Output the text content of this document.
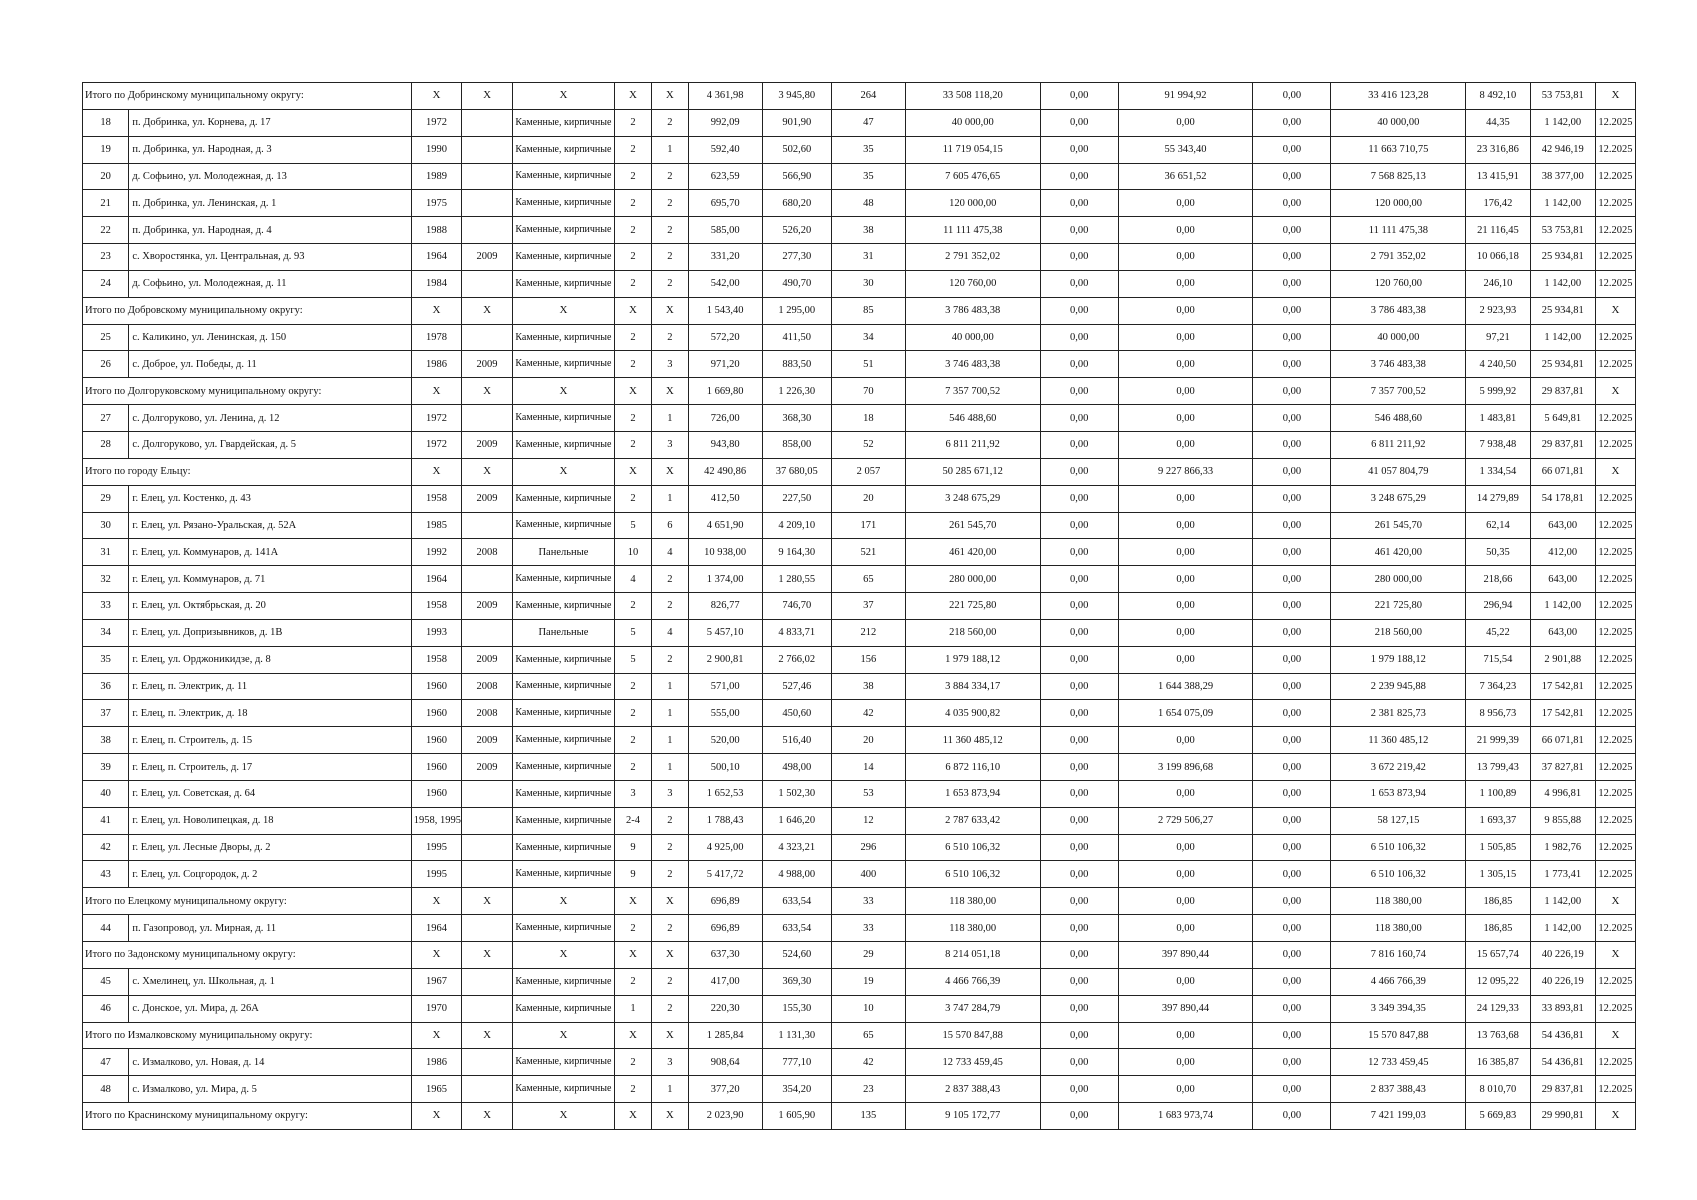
Итого по Добринскому муниципальному округу:		Х	Х	Х	Х	Х	4 361,98	3 945,80	264	33 508 118,20	0,00	91 994,92	0,00	33 416 123,28	8 492,10	53 753,81	Х
18	п. Добринка, ул. Корнева, д. 17	1972		Каменные, кирпичные	2	2	992,09	901,90	47	40 000,00	0,00	0,00	0,00	40 000,00	44,35	1 142,00	12.2025
19	п. Добринка, ул. Народная, д. 3	1990		Каменные, кирпичные	2	1	592,40	502,60	35	11 719 054,15	0,00	55 343,40	0,00	11 663 710,75	23 316,86	42 946,19	12.2025
20	д. Софьино, ул. Молодежная, д. 13	1989		Каменные, кирпичные	2	2	623,59	566,90	35	7 605 476,65	0,00	36 651,52	0,00	7 568 825,13	13 415,91	38 377,00	12.2025
21	п. Добринка, ул. Ленинская, д. 1	1975		Каменные, кирпичные	2	2	695,70	680,20	48	120 000,00	0,00	0,00	0,00	120 000,00	176,42	1 142,00	12.2025
22	п. Добринка, ул. Народная, д. 4	1988		Каменные, кирпичные	2	2	585,00	526,20	38	11 111 475,38	0,00	0,00	0,00	11 111 475,38	21 116,45	53 753,81	12.2025
23	с. Хворостянка, ул. Центральная, д. 93	1964	2009	Каменные, кирпичные	2	2	331,20	277,30	31	2 791 352,02	0,00	0,00	0,00	2 791 352,02	10 066,18	25 934,81	12.2025
24	д. Софьино, ул. Молодежная, д. 11	1984		Каменные, кирпичные	2	2	542,00	490,70	30	120 760,00	0,00	0,00	0,00	120 760,00	246,10	1 142,00	12.2025
Итого по Добровскому муниципальному округу:		Х	Х	Х	Х	Х	1 543,40	1 295,00	85	3 786 483,38	0,00	0,00	0,00	3 786 483,38	2 923,93	25 934,81	Х
25	с. Каликино, ул. Ленинская, д. 150	1978		Каменные, кирпичные	2	2	572,20	411,50	34	40 000,00	0,00	0,00	0,00	40 000,00	97,21	1 142,00	12.2025
26	с. Доброе, ул. Победы, д. 11	1986	2009	Каменные, кирпичные	2	3	971,20	883,50	51	3 746 483,38	0,00	0,00	0,00	3 746 483,38	4 240,50	25 934,81	12.2025
Итого по Долгоруковскому муниципальному округу:		Х	Х	Х	Х	Х	1 669,80	1 226,30	70	7 357 700,52	0,00	0,00	0,00	7 357 700,52	5 999,92	29 837,81	Х
27	с. Долгоруково, ул. Ленина, д. 12	1972		Каменные, кирпичные	2	1	726,00	368,30	18	546 488,60	0,00	0,00	0,00	546 488,60	1 483,81	5 649,81	12.2025
28	с. Долгоруково, ул. Гвардейская, д. 5	1972	2009	Каменные, кирпичные	2	3	943,80	858,00	52	6 811 211,92	0,00	0,00	0,00	6 811 211,92	7 938,48	29 837,81	12.2025
Итого по городу Ельцу:		Х	Х	Х	Х	Х	42 490,86	37 680,05	2 057	50 285 671,12	0,00	9 227 866,33	0,00	41 057 804,79	1 334,54	66 071,81	Х
29	г. Елец, ул. Костенко, д. 43	1958	2009	Каменные, кирпичные	2	1	412,50	227,50	20	3 248 675,29	0,00	0,00	0,00	3 248 675,29	14 279,89	54 178,81	12.2025
30	г. Елец, ул. Рязано-Уральская, д. 52А	1985		Каменные, кирпичные	5	6	4 651,90	4 209,10	171	261 545,70	0,00	0,00	0,00	261 545,70	62,14	643,00	12.2025
31	г. Елец, ул. Коммунаров, д. 141А	1992	2008	Панельные	10	4	10 938,00	9 164,30	521	461 420,00	0,00	0,00	0,00	461 420,00	50,35	412,00	12.2025
32	г. Елец, ул. Коммунаров, д. 71	1964		Каменные, кирпичные	4	2	1 374,00	1 280,55	65	280 000,00	0,00	0,00	0,00	280 000,00	218,66	643,00	12.2025
33	г. Елец, ул. Октябрьская, д. 20	1958	2009	Каменные, кирпичные	2	2	826,77	746,70	37	221 725,80	0,00	0,00	0,00	221 725,80	296,94	1 142,00	12.2025
34	г. Елец, ул. Допризывников, д. 1В	1993		Панельные	5	4	5 457,10	4 833,71	212	218 560,00	0,00	0,00	0,00	218 560,00	45,22	643,00	12.2025
35	г. Елец, ул. Орджоникидзе, д. 8	1958	2009	Каменные, кирпичные	5	2	2 900,81	2 766,02	156	1 979 188,12	0,00	0,00	0,00	1 979 188,12	715,54	2 901,88	12.2025
36	г. Елец, п. Электрик, д. 11	1960	2008	Каменные, кирпичные	2	1	571,00	527,46	38	3 884 334,17	0,00	1 644 388,29	0,00	2 239 945,88	7 364,23	17 542,81	12.2025
37	г. Елец, п. Электрик, д. 18	1960	2008	Каменные, кирпичные	2	1	555,00	450,60	42	4 035 900,82	0,00	1 654 075,09	0,00	2 381 825,73	8 956,73	17 542,81	12.2025
38	г. Елец, п. Строитель, д. 15	1960	2009	Каменные, кирпичные	2	1	520,00	516,40	20	11 360 485,12	0,00	0,00	0,00	11 360 485,12	21 999,39	66 071,81	12.2025
39	г. Елец, п. Строитель, д. 17	1960	2009	Каменные, кирпичные	2	1	500,10	498,00	14	6 872 116,10	0,00	3 199 896,68	0,00	3 672 219,42	13 799,43	37 827,81	12.2025
40	г. Елец, ул. Советская, д. 64	1960		Каменные, кирпичные	3	3	1 652,53	1 502,30	53	1 653 873,94	0,00	0,00	0,00	1 653 873,94	1 100,89	4 996,81	12.2025
41	г. Елец, ул. Новолипецкая, д. 18	1958, 1995		Каменные, кирпичные	2-4	2	1 788,43	1 646,20	12	2 787 633,42	0,00	2 729 506,27	0,00	58 127,15	1 693,37	9 855,88	12.2025
42	г. Елец, ул. Лесные Дворы, д. 2	1995		Каменные, кирпичные	9	2	4 925,00	4 323,21	296	6 510 106,32	0,00	0,00	0,00	6 510 106,32	1 505,85	1 982,76	12.2025
43	г. Елец, ул. Соцгородок, д. 2	1995		Каменные, кирпичные	9	2	5 417,72	4 988,00	400	6 510 106,32	0,00	0,00	0,00	6 510 106,32	1 305,15	1 773,41	12.2025
Итого по Елецкому муниципальному округу:		Х	Х	Х	Х	Х	696,89	633,54	33	118 380,00	0,00	0,00	0,00	118 380,00	186,85	1 142,00	Х
44	п. Газопровод, ул. Мирная, д. 11	1964		Каменные, кирпичные	2	2	696,89	633,54	33	118 380,00	0,00	0,00	0,00	118 380,00	186,85	1 142,00	12.2025
Итого по Задонскому муниципальному округу:		Х	Х	Х	Х	Х	637,30	524,60	29	8 214 051,18	0,00	397 890,44	0,00	7 816 160,74	15 657,74	40 226,19	Х
45	с. Хмелинец, ул. Школьная, д. 1	1967		Каменные, кирпичные	2	2	417,00	369,30	19	4 466 766,39	0,00	0,00	0,00	4 466 766,39	12 095,22	40 226,19	12.2025
46	с. Донское, ул. Мира, д. 26А	1970		Каменные, кирпичные	1	2	220,30	155,30	10	3 747 284,79	0,00	397 890,44	0,00	3 349 394,35	24 129,33	33 893,81	12.2025
Итого по Измалковскому муниципальному округу:		Х	Х	Х	Х	Х	1 285,84	1 131,30	65	15 570 847,88	0,00	0,00	0,00	15 570 847,88	13 763,68	54 436,81	Х
47	с. Измалково, ул. Новая, д. 14	1986		Каменные, кирпичные	2	3	908,64	777,10	42	12 733 459,45	0,00	0,00	0,00	12 733 459,45	16 385,87	54 436,81	12.2025
48	с. Измалково, ул. Мира, д. 5	1965		Каменные, кирпичные	2	1	377,20	354,20	23	2 837 388,43	0,00	0,00	0,00	2 837 388,43	8 010,70	29 837,81	12.2025
Итого по Краснинскому муниципальному округу:		Х	Х	Х	Х	Х	2 023,90	1 605,90	135	9 105 172,77	0,00	1 683 973,74	0,00	7 421 199,03	5 669,83	29 990,81	Х
